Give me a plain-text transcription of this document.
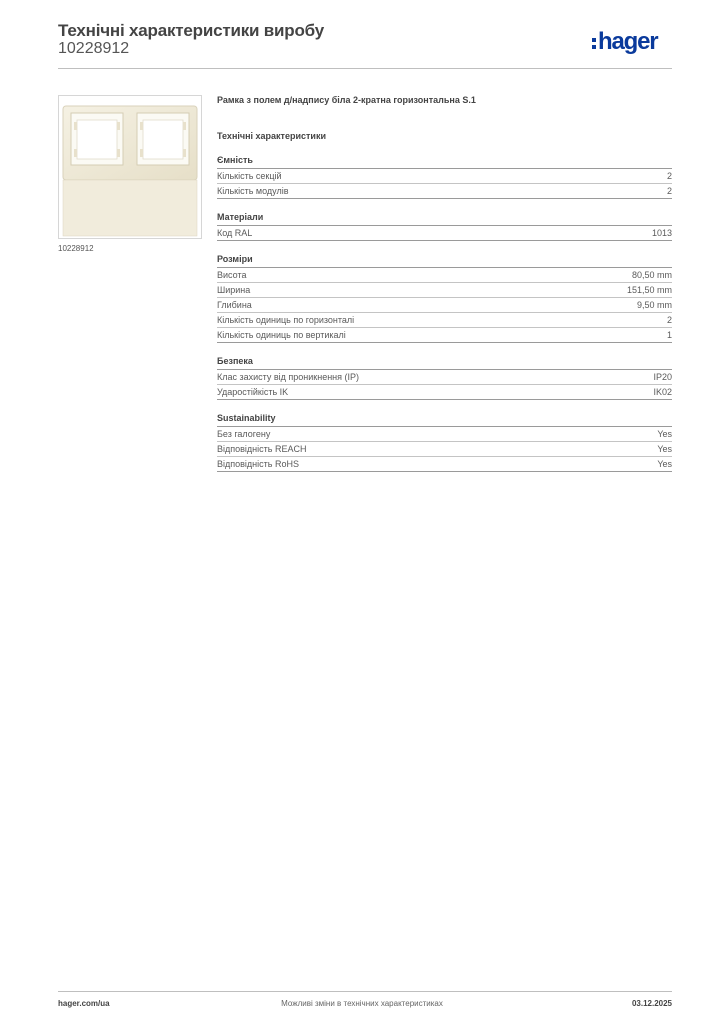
Технічні характеристики виробу
10228912	hager
10228912
Рамка з полем д/надпису біла 2-кратна горизонтальна S.1
Технічні характеристики
Ємність
Кількість секцій	2
Кількість модулів	2
Матеріали
Код RAL	1013
Розміри
Висота	80,50 mm
Ширина	151,50 mm
Глибина	9,50 mm
Кількість одиниць по горизонталі	2
Кількість одиниць по вертикалі	1
Безпека
Клас захисту від проникнення (IP)	IP20
Ударостійкість IK	IK02
Sustainability
Без галогену	Yes
Відповідність REACH	Yes
Відповідність RoHS	Yes
hager.com/ua	Можливі зміни в технічних характеристиках	03.12.2025
